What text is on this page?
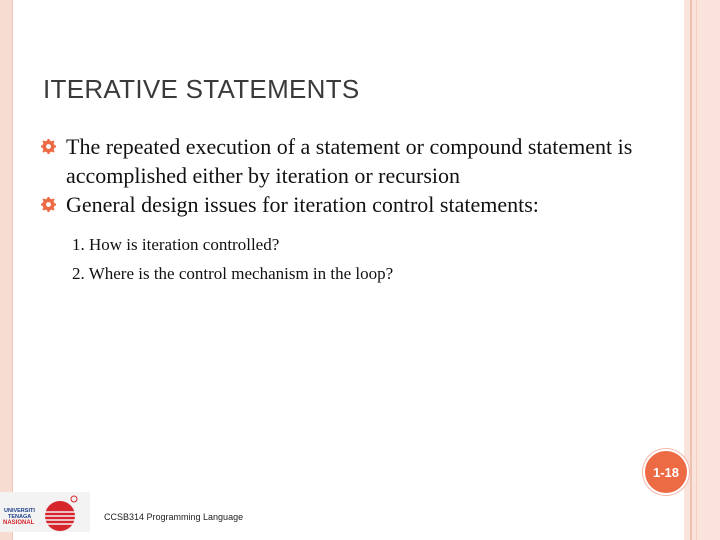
ITERATIVE STATEMENTS
The repeated execution of a statement or compound statement is accomplished either by iteration or recursion
General design issues for iteration control statements:
1. How is iteration controlled?
2. Where is the control mechanism in the loop?
1-18
UNIVERSITI
TENAGA
NASIONAL
CCSB314 Programming Language
